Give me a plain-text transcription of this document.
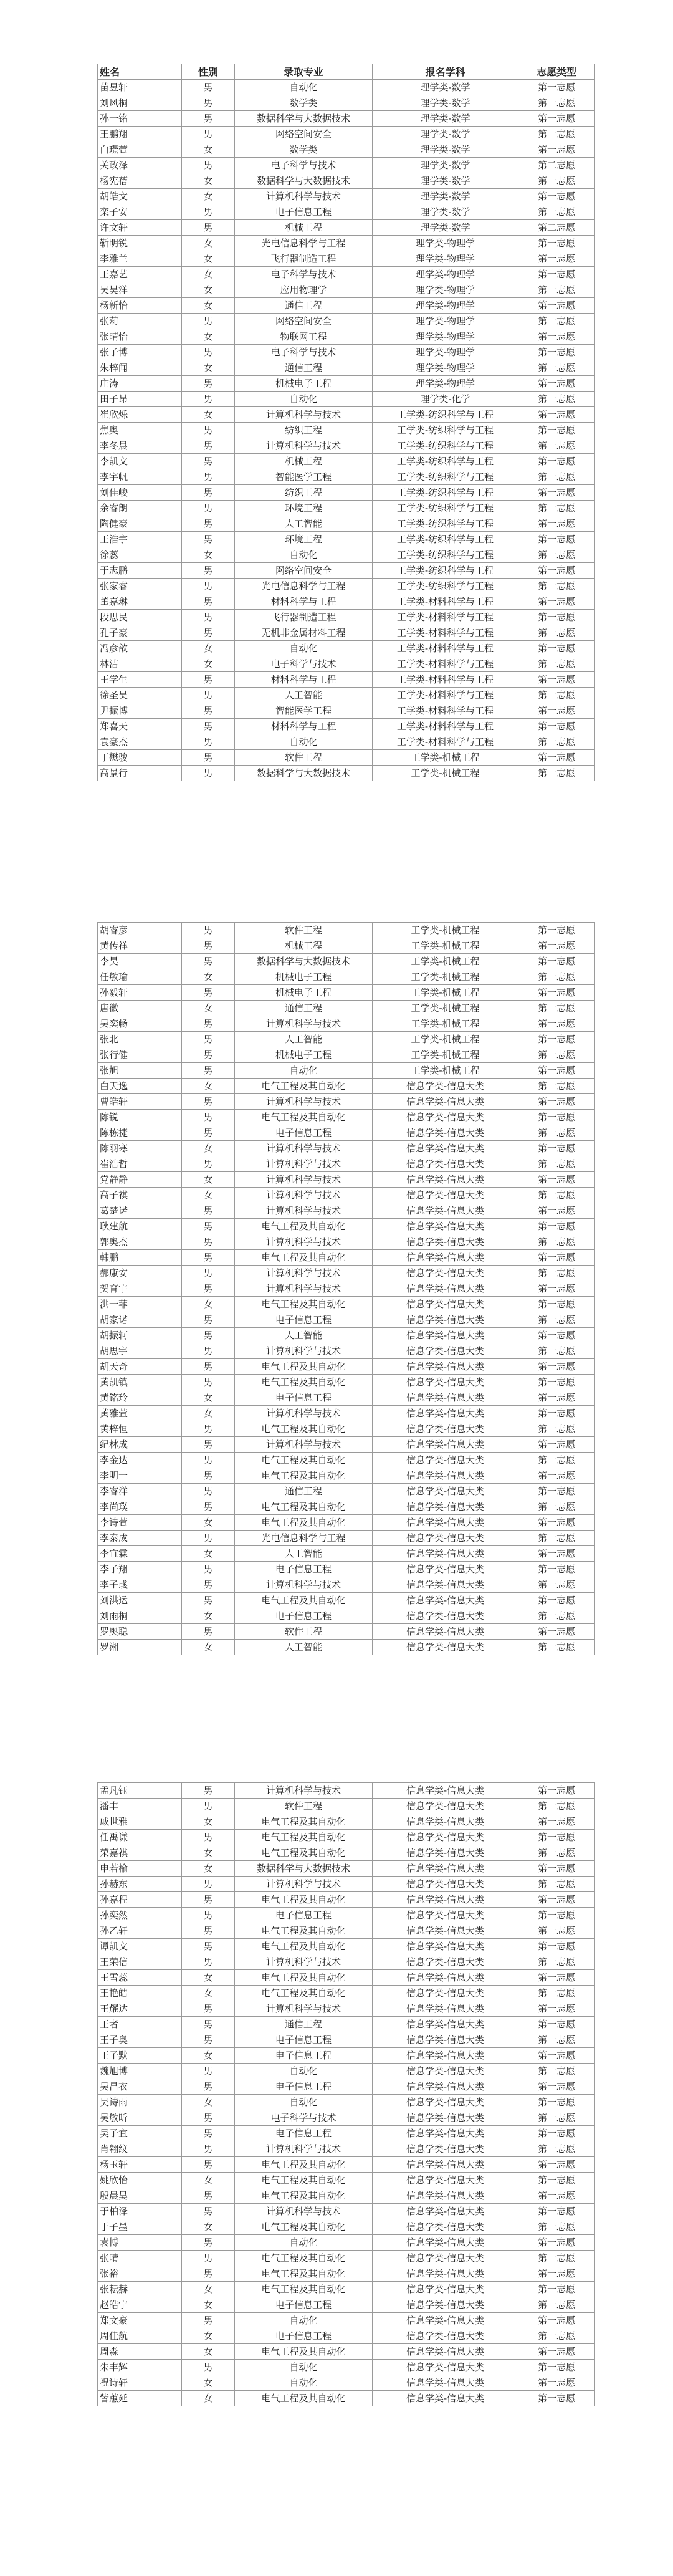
姓名	性别	录取专业	报名学科	志愿类型
苗昱轩	男	自动化	理学类-数学	第一志愿
刘风桐	男	数学类	理学类-数学	第一志愿
孙一铭	男	数据科学与大数据技术	理学类-数学	第一志愿
王鹏翔	男	网络空间安全	理学类-数学	第一志愿
白璟萱	女	数学类	理学类-数学	第一志愿
关政泽	男	电子科学与技术	理学类-数学	第二志愿
杨宪蓓	女	数据科学与大数据技术	理学类-数学	第一志愿
胡皓文	女	计算机科学与技术	理学类-数学	第一志愿
栾子安	男	电子信息工程	理学类-数学	第一志愿
许文轩	男	机械工程	理学类-数学	第二志愿
靳明锐	女	光电信息科学与工程	理学类-物理学	第一志愿
李雅兰	女	飞行器制造工程	理学类-物理学	第一志愿
王嘉艺	女	电子科学与技术	理学类-物理学	第一志愿
吴昊洋	女	应用物理学	理学类-物理学	第一志愿
杨新怡	女	通信工程	理学类-物理学	第一志愿
张莉	男	网络空间安全	理学类-物理学	第一志愿
张晴怡	女	物联网工程	理学类-物理学	第一志愿
张子博	男	电子科学与技术	理学类-物理学	第一志愿
朱梓闻	女	通信工程	理学类-物理学	第一志愿
庄涛	男	机械电子工程	理学类-物理学	第一志愿
田子昂	男	自动化	理学类-化学	第一志愿
崔欣烁	女	计算机科学与技术	工学类-纺织科学与工程	第一志愿
焦奥	男	纺织工程	工学类-纺织科学与工程	第一志愿
李冬晨	男	计算机科学与技术	工学类-纺织科学与工程	第一志愿
李凯文	男	机械工程	工学类-纺织科学与工程	第一志愿
李宇帆	男	智能医学工程	工学类-纺织科学与工程	第一志愿
刘佳峻	男	纺织工程	工学类-纺织科学与工程	第一志愿
余睿朗	男	环境工程	工学类-纺织科学与工程	第一志愿
陶健豪	男	人工智能	工学类-纺织科学与工程	第一志愿
王浩宇	男	环境工程	工学类-纺织科学与工程	第一志愿
徐蕊	女	自动化	工学类-纺织科学与工程	第一志愿
于志鹏	男	网络空间安全	工学类-纺织科学与工程	第一志愿
张家睿	男	光电信息科学与工程	工学类-纺织科学与工程	第一志愿
董嘉琳	男	材料科学与工程	工学类-材料科学与工程	第一志愿
段思民	男	飞行器制造工程	工学类-材料科学与工程	第一志愿
孔子豪	男	无机非金属材料工程	工学类-材料科学与工程	第一志愿
冯彦歆	女	自动化	工学类-材料科学与工程	第一志愿
林洁	女	电子科学与技术	工学类-材料科学与工程	第一志愿
王学生	男	材料科学与工程	工学类-材料科学与工程	第一志愿
徐圣吴	男	人工智能	工学类-材料科学与工程	第一志愿
尹振博	男	智能医学工程	工学类-材料科学与工程	第一志愿
郑喜天	男	材料科学与工程	工学类-材料科学与工程	第一志愿
袁豪杰	男	自动化	工学类-材料科学与工程	第一志愿
丁懋骏	男	软件工程	工学类-机械工程	第一志愿
高景行	男	数据科学与大数据技术	工学类-机械工程	第一志愿
胡睿彦	男	软件工程	工学类-机械工程	第一志愿
黄传祥	男	机械工程	工学类-机械工程	第一志愿
李昊	男	数据科学与大数据技术	工学类-机械工程	第一志愿
任敏瑜	女	机械电子工程	工学类-机械工程	第一志愿
孙毅轩	男	机械电子工程	工学类-机械工程	第一志愿
唐徽	女	通信工程	工学类-机械工程	第一志愿
吴奕畅	男	计算机科学与技术	工学类-机械工程	第一志愿
张北	男	人工智能	工学类-机械工程	第一志愿
张行健	男	机械电子工程	工学类-机械工程	第一志愿
张旭	男	自动化	工学类-机械工程	第一志愿
白天逸	女	电气工程及其自动化	信息学类-信息大类	第一志愿
曹皓轩	男	计算机科学与技术	信息学类-信息大类	第一志愿
陈锐	男	电气工程及其自动化	信息学类-信息大类	第一志愿
陈栋捷	男	电子信息工程	信息学类-信息大类	第一志愿
陈羽寒	女	计算机科学与技术	信息学类-信息大类	第一志愿
崔浩哲	男	计算机科学与技术	信息学类-信息大类	第一志愿
党静静	女	计算机科学与技术	信息学类-信息大类	第一志愿
高子祺	女	计算机科学与技术	信息学类-信息大类	第一志愿
葛楚诺	男	计算机科学与技术	信息学类-信息大类	第一志愿
耿建航	男	电气工程及其自动化	信息学类-信息大类	第一志愿
郭奥杰	男	计算机科学与技术	信息学类-信息大类	第一志愿
韩鹏	男	电气工程及其自动化	信息学类-信息大类	第一志愿
郝康安	男	计算机科学与技术	信息学类-信息大类	第一志愿
贺育宇	男	计算机科学与技术	信息学类-信息大类	第一志愿
洪一菲	女	电气工程及其自动化	信息学类-信息大类	第一志愿
胡家诺	男	电子信息工程	信息学类-信息大类	第一志愿
胡振轲	男	人工智能	信息学类-信息大类	第一志愿
胡思宇	男	计算机科学与技术	信息学类-信息大类	第一志愿
胡天奇	男	电气工程及其自动化	信息学类-信息大类	第一志愿
黄凯镇	男	电气工程及其自动化	信息学类-信息大类	第一志愿
黄铭玲	女	电子信息工程	信息学类-信息大类	第一志愿
黄雅萱	女	计算机科学与技术	信息学类-信息大类	第一志愿
黄梓恒	男	电气工程及其自动化	信息学类-信息大类	第一志愿
纪林成	男	计算机科学与技术	信息学类-信息大类	第一志愿
李金达	男	电气工程及其自动化	信息学类-信息大类	第一志愿
李明一	男	电气工程及其自动化	信息学类-信息大类	第一志愿
李睿洋	男	通信工程	信息学类-信息大类	第一志愿
李尚璞	男	电气工程及其自动化	信息学类-信息大类	第一志愿
李诗萱	女	电气工程及其自动化	信息学类-信息大类	第一志愿
李泰成	男	光电信息科学与工程	信息学类-信息大类	第一志愿
李宜霖	女	人工智能	信息学类-信息大类	第一志愿
李子翔	男	电子信息工程	信息学类-信息大类	第一志愿
李子彧	男	计算机科学与技术	信息学类-信息大类	第一志愿
刘洪运	男	电气工程及其自动化	信息学类-信息大类	第一志愿
刘雨桐	女	电子信息工程	信息学类-信息大类	第一志愿
罗奥聪	男	软件工程	信息学类-信息大类	第一志愿
罗湘	女	人工智能	信息学类-信息大类	第一志愿
孟凡钰	男	计算机科学与技术	信息学类-信息大类	第一志愿
潘丰	男	软件工程	信息学类-信息大类	第一志愿
戚世雅	女	电气工程及其自动化	信息学类-信息大类	第一志愿
任禹谦	男	电气工程及其自动化	信息学类-信息大类	第一志愿
荣嘉祺	女	电气工程及其自动化	信息学类-信息大类	第一志愿
申若榆	女	数据科学与大数据技术	信息学类-信息大类	第一志愿
孙赫东	男	计算机科学与技术	信息学类-信息大类	第一志愿
孙嘉程	男	电气工程及其自动化	信息学类-信息大类	第一志愿
孙奕然	男	电子信息工程	信息学类-信息大类	第一志愿
孙乙轩	男	电气工程及其自动化	信息学类-信息大类	第一志愿
谭凯文	男	电气工程及其自动化	信息学类-信息大类	第一志愿
王荣信	男	计算机科学与技术	信息学类-信息大类	第一志愿
王雪蕊	女	电气工程及其自动化	信息学类-信息大类	第一志愿
王艳皓	女	电气工程及其自动化	信息学类-信息大类	第一志愿
王耀达	男	计算机科学与技术	信息学类-信息大类	第一志愿
王者	男	通信工程	信息学类-信息大类	第一志愿
王子奥	男	电子信息工程	信息学类-信息大类	第一志愿
王子默	女	电子信息工程	信息学类-信息大类	第一志愿
魏旭博	男	自动化	信息学类-信息大类	第一志愿
吴昌衣	男	电子信息工程	信息学类-信息大类	第一志愿
吴诗雨	女	自动化	信息学类-信息大类	第一志愿
吴敏昕	男	电子科学与技术	信息学类-信息大类	第一志愿
吴子宜	男	电子信息工程	信息学类-信息大类	第一志愿
肖翱纹	男	计算机科学与技术	信息学类-信息大类	第一志愿
杨玉轩	男	电气工程及其自动化	信息学类-信息大类	第一志愿
姚欣怡	女	电气工程及其自动化	信息学类-信息大类	第一志愿
殷晨昊	男	电气工程及其自动化	信息学类-信息大类	第一志愿
于柏泽	男	计算机科学与技术	信息学类-信息大类	第一志愿
于子墨	女	电气工程及其自动化	信息学类-信息大类	第一志愿
袁博	男	自动化	信息学类-信息大类	第一志愿
张晴	男	电气工程及其自动化	信息学类-信息大类	第一志愿
张裕	男	电气工程及其自动化	信息学类-信息大类	第一志愿
张耘赫	女	电气工程及其自动化	信息学类-信息大类	第一志愿
赵皓宁	女	电子信息工程	信息学类-信息大类	第一志愿
郑文豪	男	自动化	信息学类-信息大类	第一志愿
周佳航	女	电子信息工程	信息学类-信息大类	第一志愿
周淼	女	电气工程及其自动化	信息学类-信息大类	第一志愿
朱丰辉	男	自动化	信息学类-信息大类	第一志愿
祝诗轩	女	自动化	信息学类-信息大类	第一志愿
訾蕙延	女	电气工程及其自动化	信息学类-信息大类	第一志愿
